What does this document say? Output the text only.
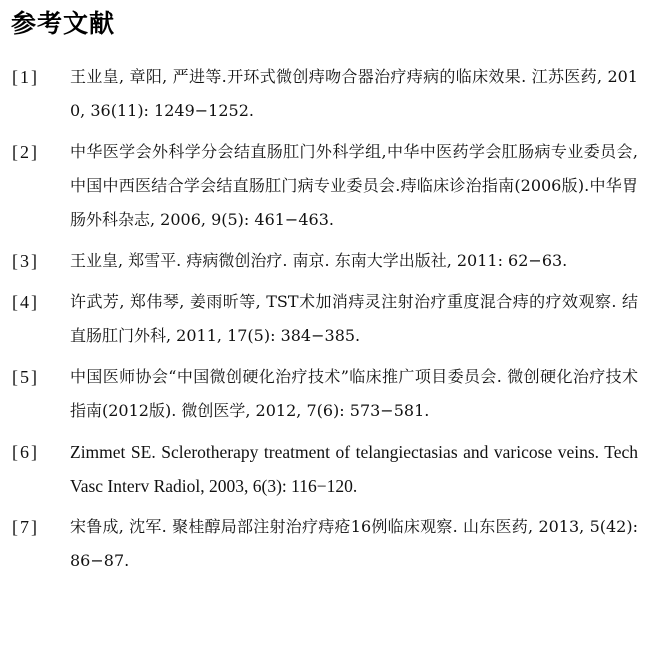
参考文献
[1]	王业皇, 章阳, 严进等.开环式微创痔吻合器治疗痔病的临床效果. 江苏医药, 2010, 36(11): 1249−1252.
[2]	中华医学会外科学分会结直肠肛门外科学组,中华中医药学会肛肠病专业委员会,中国中西医结合学会结直肠肛门病专业委员会.痔临床诊治指南(2006版).中华胃肠外科杂志, 2006, 9(5): 461−463.
[3]	王业皇, 郑雪平. 痔病微创治疗. 南京. 东南大学出版社, 2011: 62−63.
[4]	许武芳, 郑伟琴, 姜雨昕等, TST术加消痔灵注射治疗重度混合痔的疗效观察. 结直肠肛门外科, 2011, 17(5): 384−385.
[5]	中国医师协会“中国微创硬化治疗技术”临床推广项目委员会. 微创硬化治疗技术指南(2012版). 微创医学, 2012, 7(6): 573−581.
[6]	Zimmet SE. Sclerotherapy treatment of telangiectasias and varicose veins. Tech Vasc Interv Radiol, 2003, 6(3): 116−120.
[7]	宋鲁成, 沈军. 聚桂醇局部注射治疗痔疮16例临床观察. 山东医药, 2013, 5(42): 86−87.
